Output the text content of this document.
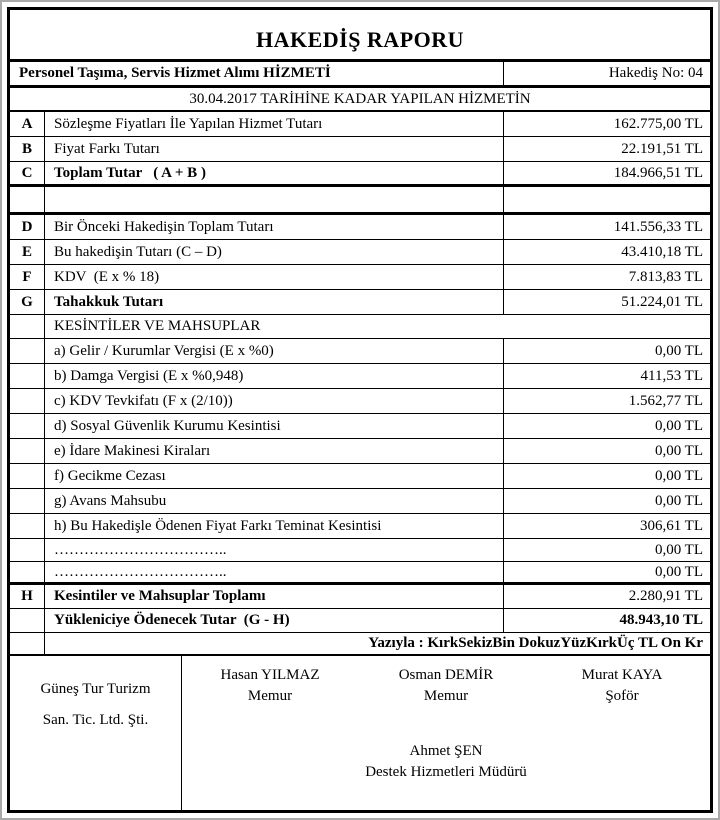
HAKEDİŞ RAPORU
Personel Taşıma, Servis Hizmet Alımı HİZMETİ	Hakediş No: 04
30.04.2017 TARİHİNE KADAR YAPILAN HİZMETİN
A	Sözleşme Fiyatları İle Yapılan Hizmet Tutarı	162.775,00 TL
B	Fiyat Farkı Tutarı	22.191,51 TL
C	Toplam Tutar   ( A + B )	184.966,51 TL
D	Bir Önceki Hakedişin Toplam Tutarı	141.556,33 TL
E	Bu hakedişin Tutarı (C – D)	43.410,18 TL
F	KDV  (E x % 18)	7.813,83 TL
G	Tahakkuk Tutarı	51.224,01 TL
KESİNTİLER VE MAHSUPLAR
a) Gelir / Kurumlar Vergisi (E x %0)	0,00 TL
b) Damga Vergisi (E x %0,948)	411,53 TL
c) KDV Tevkifatı (F x (2/10))	1.562,77 TL
d) Sosyal Güvenlik Kurumu Kesintisi	0,00 TL
e) İdare Makinesi Kiraları	0,00 TL
f) Gecikme Cezası	0,00 TL
g) Avans Mahsubu	0,00 TL
h) Bu Hakedişle Ödenen Fiyat Farkı Teminat Kesintisi	306,61 TL
……………………………..	0,00 TL
……………………………..	0,00 TL
H	Kesintiler ve Mahsuplar Toplamı	2.280,91 TL
Yükleniciye Ödenecek Tutar  (G - H)	48.943,10 TL
Yazıyla : KırkSekizBin DokuzYüzKırkÜç TL On Kr
Güneş Tur Turizm
San. Tic. Ltd. Şti.
Hasan YILMAZ
Memur
Osman DEMİR
Memur
Murat KAYA
Şoför
Ahmet ŞEN
Destek Hizmetleri Müdürü
